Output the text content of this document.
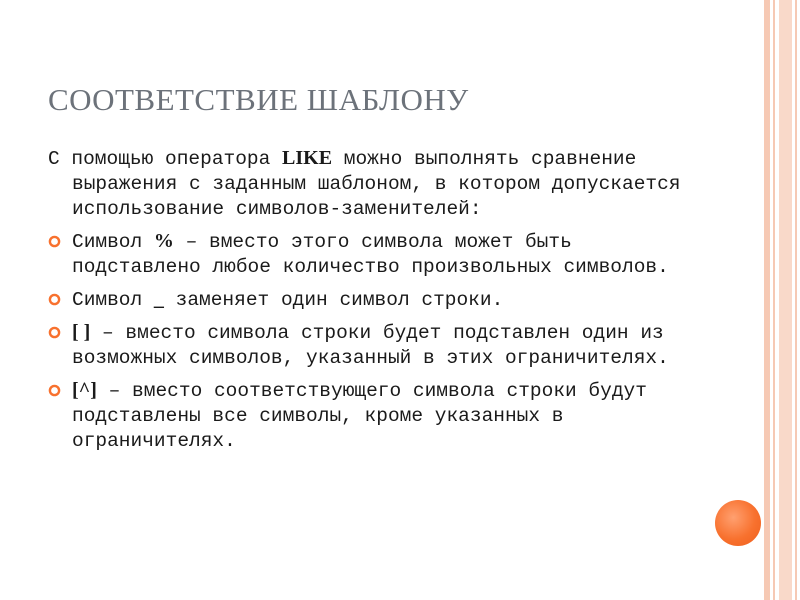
СООТВЕТСТВИЕ ШАБЛОНУ

С помощью оператора LIKE можно выполнять сравнение выражения с заданным шаблоном, в котором допускается использование символов-заменителей:

Символ % – вместо этого символа может быть подставлено любое количество произвольных символов.
Символ _ заменяет один символ строки.
[ ] – вместо символа строки будет подставлен один из возможных символов, указанный в этих ограничителях.
[^] – вместо соответствующего символа строки будут подставлены все символы, кроме указанных в ограничителях.
